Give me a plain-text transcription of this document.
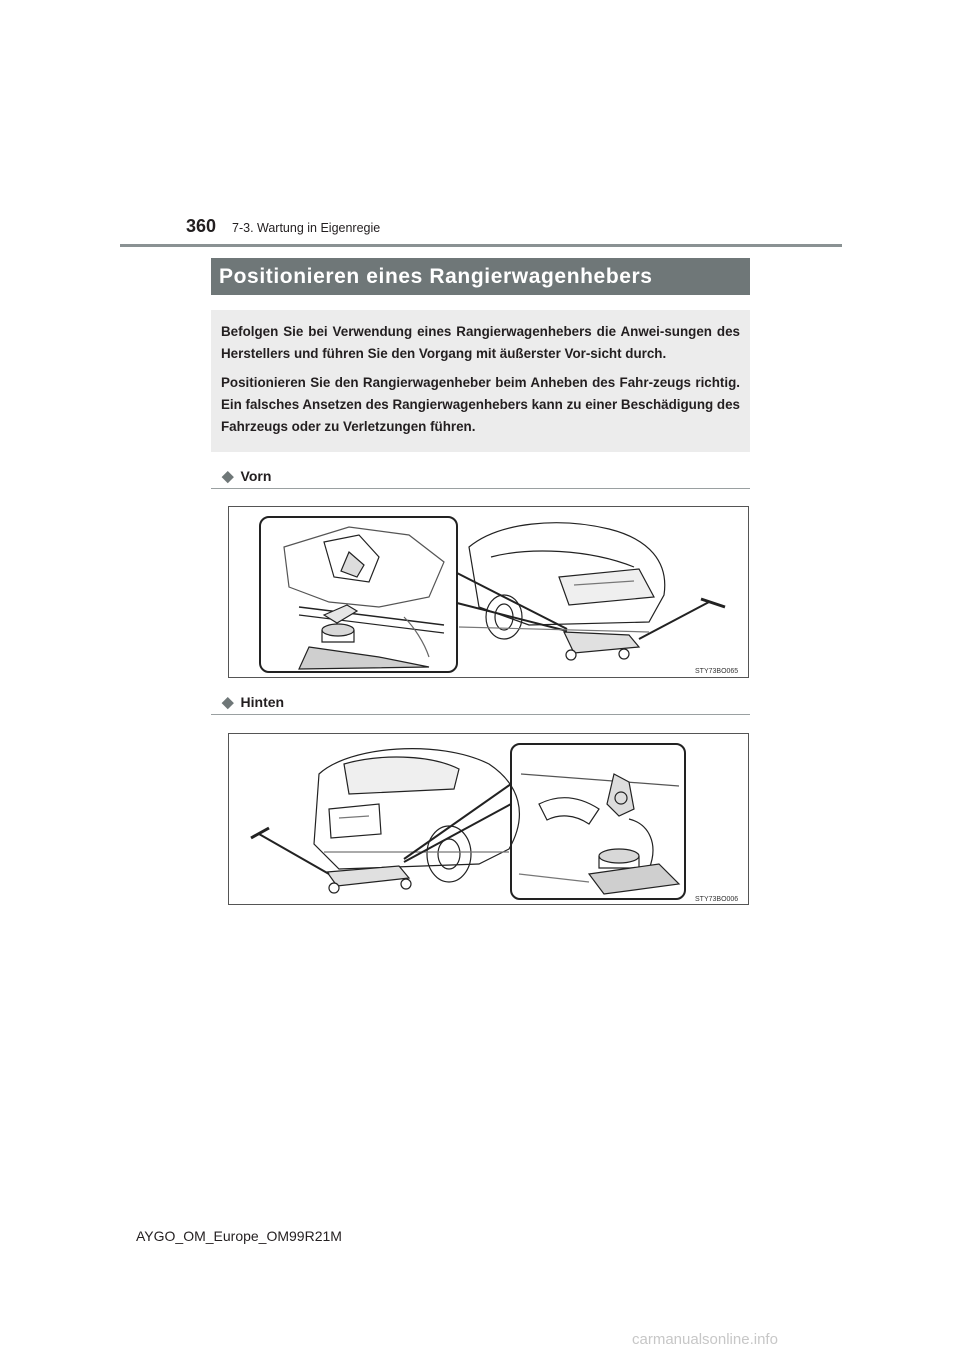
360 7-3. Wartung in Eigenregie
Positionieren eines Rangierwagenhebers

Befolgen Sie bei Verwendung eines Rangierwagenhebers die Anwei-sungen des Herstellers und führen Sie den Vorgang mit äußerster Vor-sicht durch.

Positionieren Sie den Rangierwagenheber beim Anheben des Fahr-zeugs richtig. Ein falsches Ansetzen des Rangierwagenhebers kann zu einer Beschädigung des Fahrzeugs oder zu Verletzungen führen.

◆ Vorn
STY73BO065
◆ Hinten
STY73BO006
AYGO_OM_Europe_OM99R21M
carmanualsonline.info
